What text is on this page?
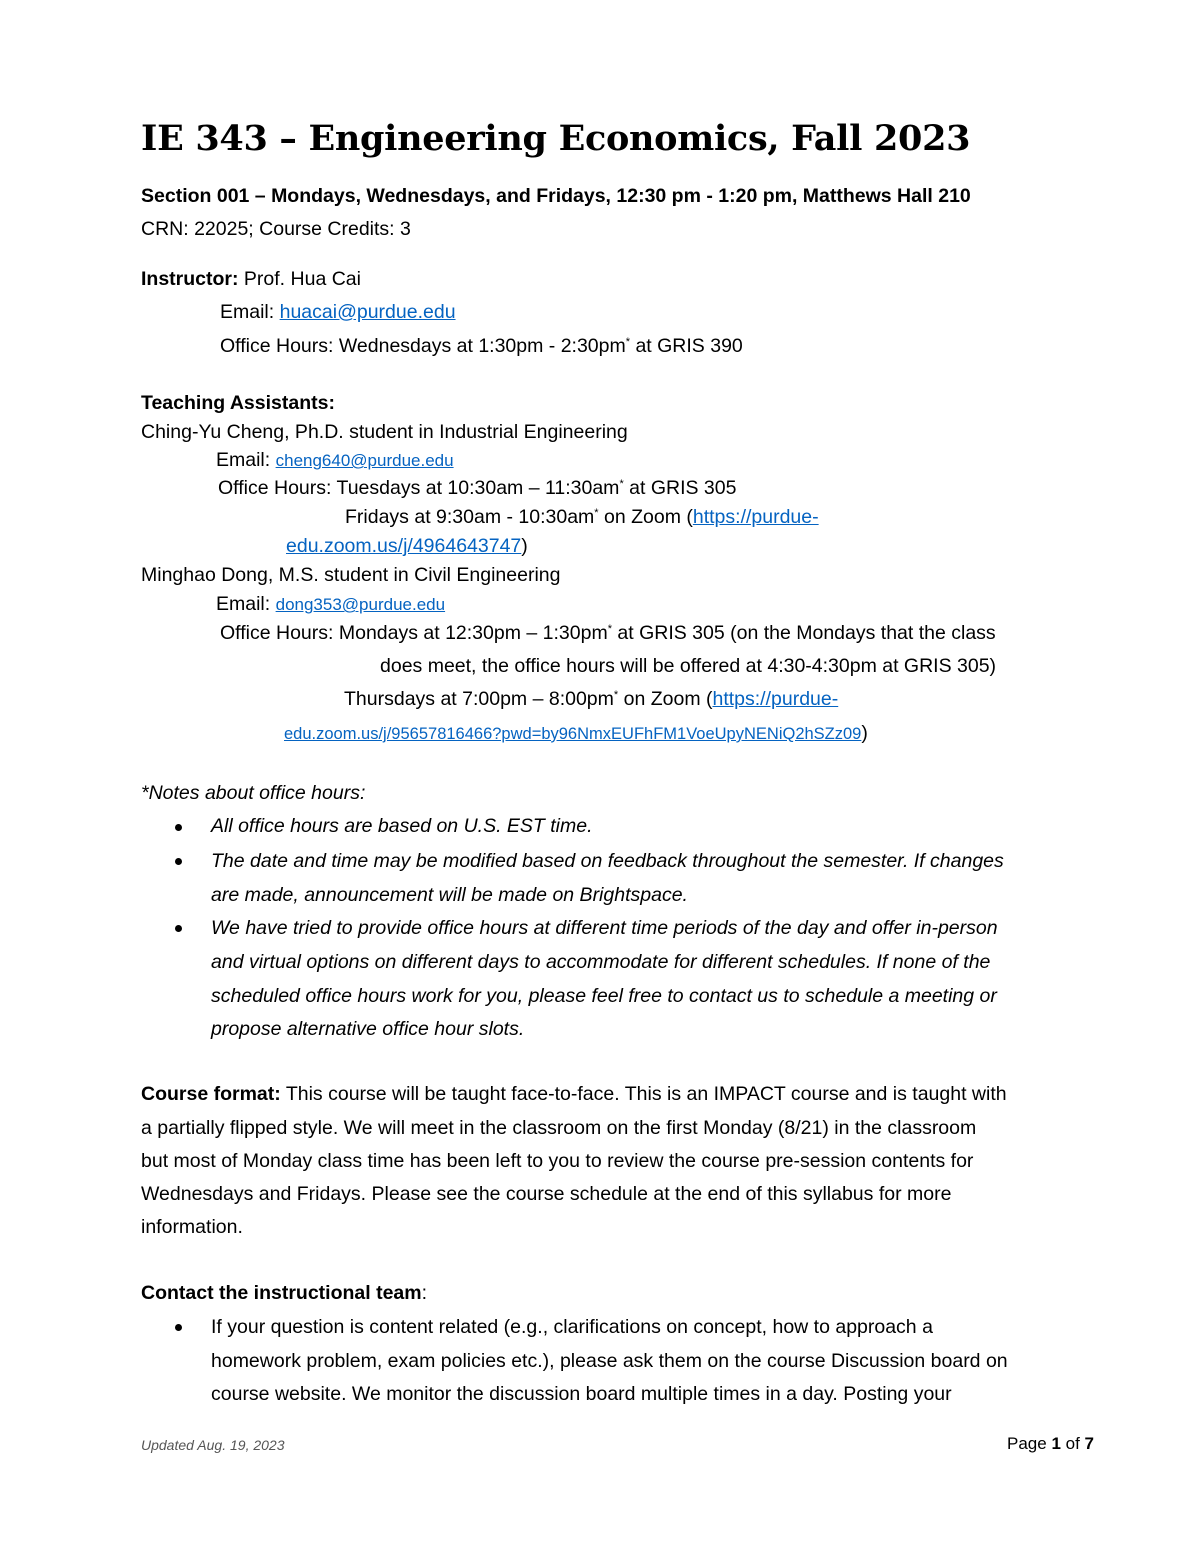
IE 343 – Engineering Economics, Fall 2023
Section 001 – Mondays, Wednesdays, and Fridays, 12:30 pm - 1:20 pm, Matthews Hall 210
CRN: 22025; Course Credits: 3
Instructor: Prof. Hua Cai
Email: huacai@purdue.edu
Office Hours: Wednesdays at 1:30pm - 2:30pm* at GRIS 390
Teaching Assistants:
Ching-Yu Cheng, Ph.D. student in Industrial Engineering
Email: cheng640@purdue.edu
Office Hours: Tuesdays at 10:30am – 11:30am* at GRIS 305
Fridays at 9:30am - 10:30am* on Zoom (https://purdue-
edu.zoom.us/j/4964643747)
Minghao Dong, M.S. student in Civil Engineering
Email: dong353@purdue.edu
Office Hours: Mondays at 12:30pm – 1:30pm* at GRIS 305 (on the Mondays that the class
does meet, the office hours will be offered at 4:30-4:30pm at GRIS 305)
Thursdays at 7:00pm – 8:00pm* on Zoom (https://purdue-
edu.zoom.us/j/95657816466?pwd=by96NmxEUFhFM1VoeUpyNENiQ2hSZz09)
*Notes about office hours:
All office hours are based on U.S. EST time.
The date and time may be modified based on feedback throughout the semester. If changes
are made, announcement will be made on Brightspace.
We have tried to provide office hours at different time periods of the day and offer in-person
and virtual options on different days to accommodate for different schedules. If none of the
scheduled office hours work for you, please feel free to contact us to schedule a meeting or
propose alternative office hour slots.
Course format: This course will be taught face-to-face. This is an IMPACT course and is taught with
a partially flipped style. We will meet in the classroom on the first Monday (8/21) in the classroom
but most of Monday class time has been left to you to review the course pre-session contents for
Wednesdays and Fridays. Please see the course schedule at the end of this syllabus for more
information.
Contact the instructional team:
If your question is content related (e.g., clarifications on concept, how to approach a
homework problem, exam policies etc.), please ask them on the course Discussion board on
course website. We monitor the discussion board multiple times in a day. Posting your
Updated Aug. 19, 2023	Page 1 of 7
